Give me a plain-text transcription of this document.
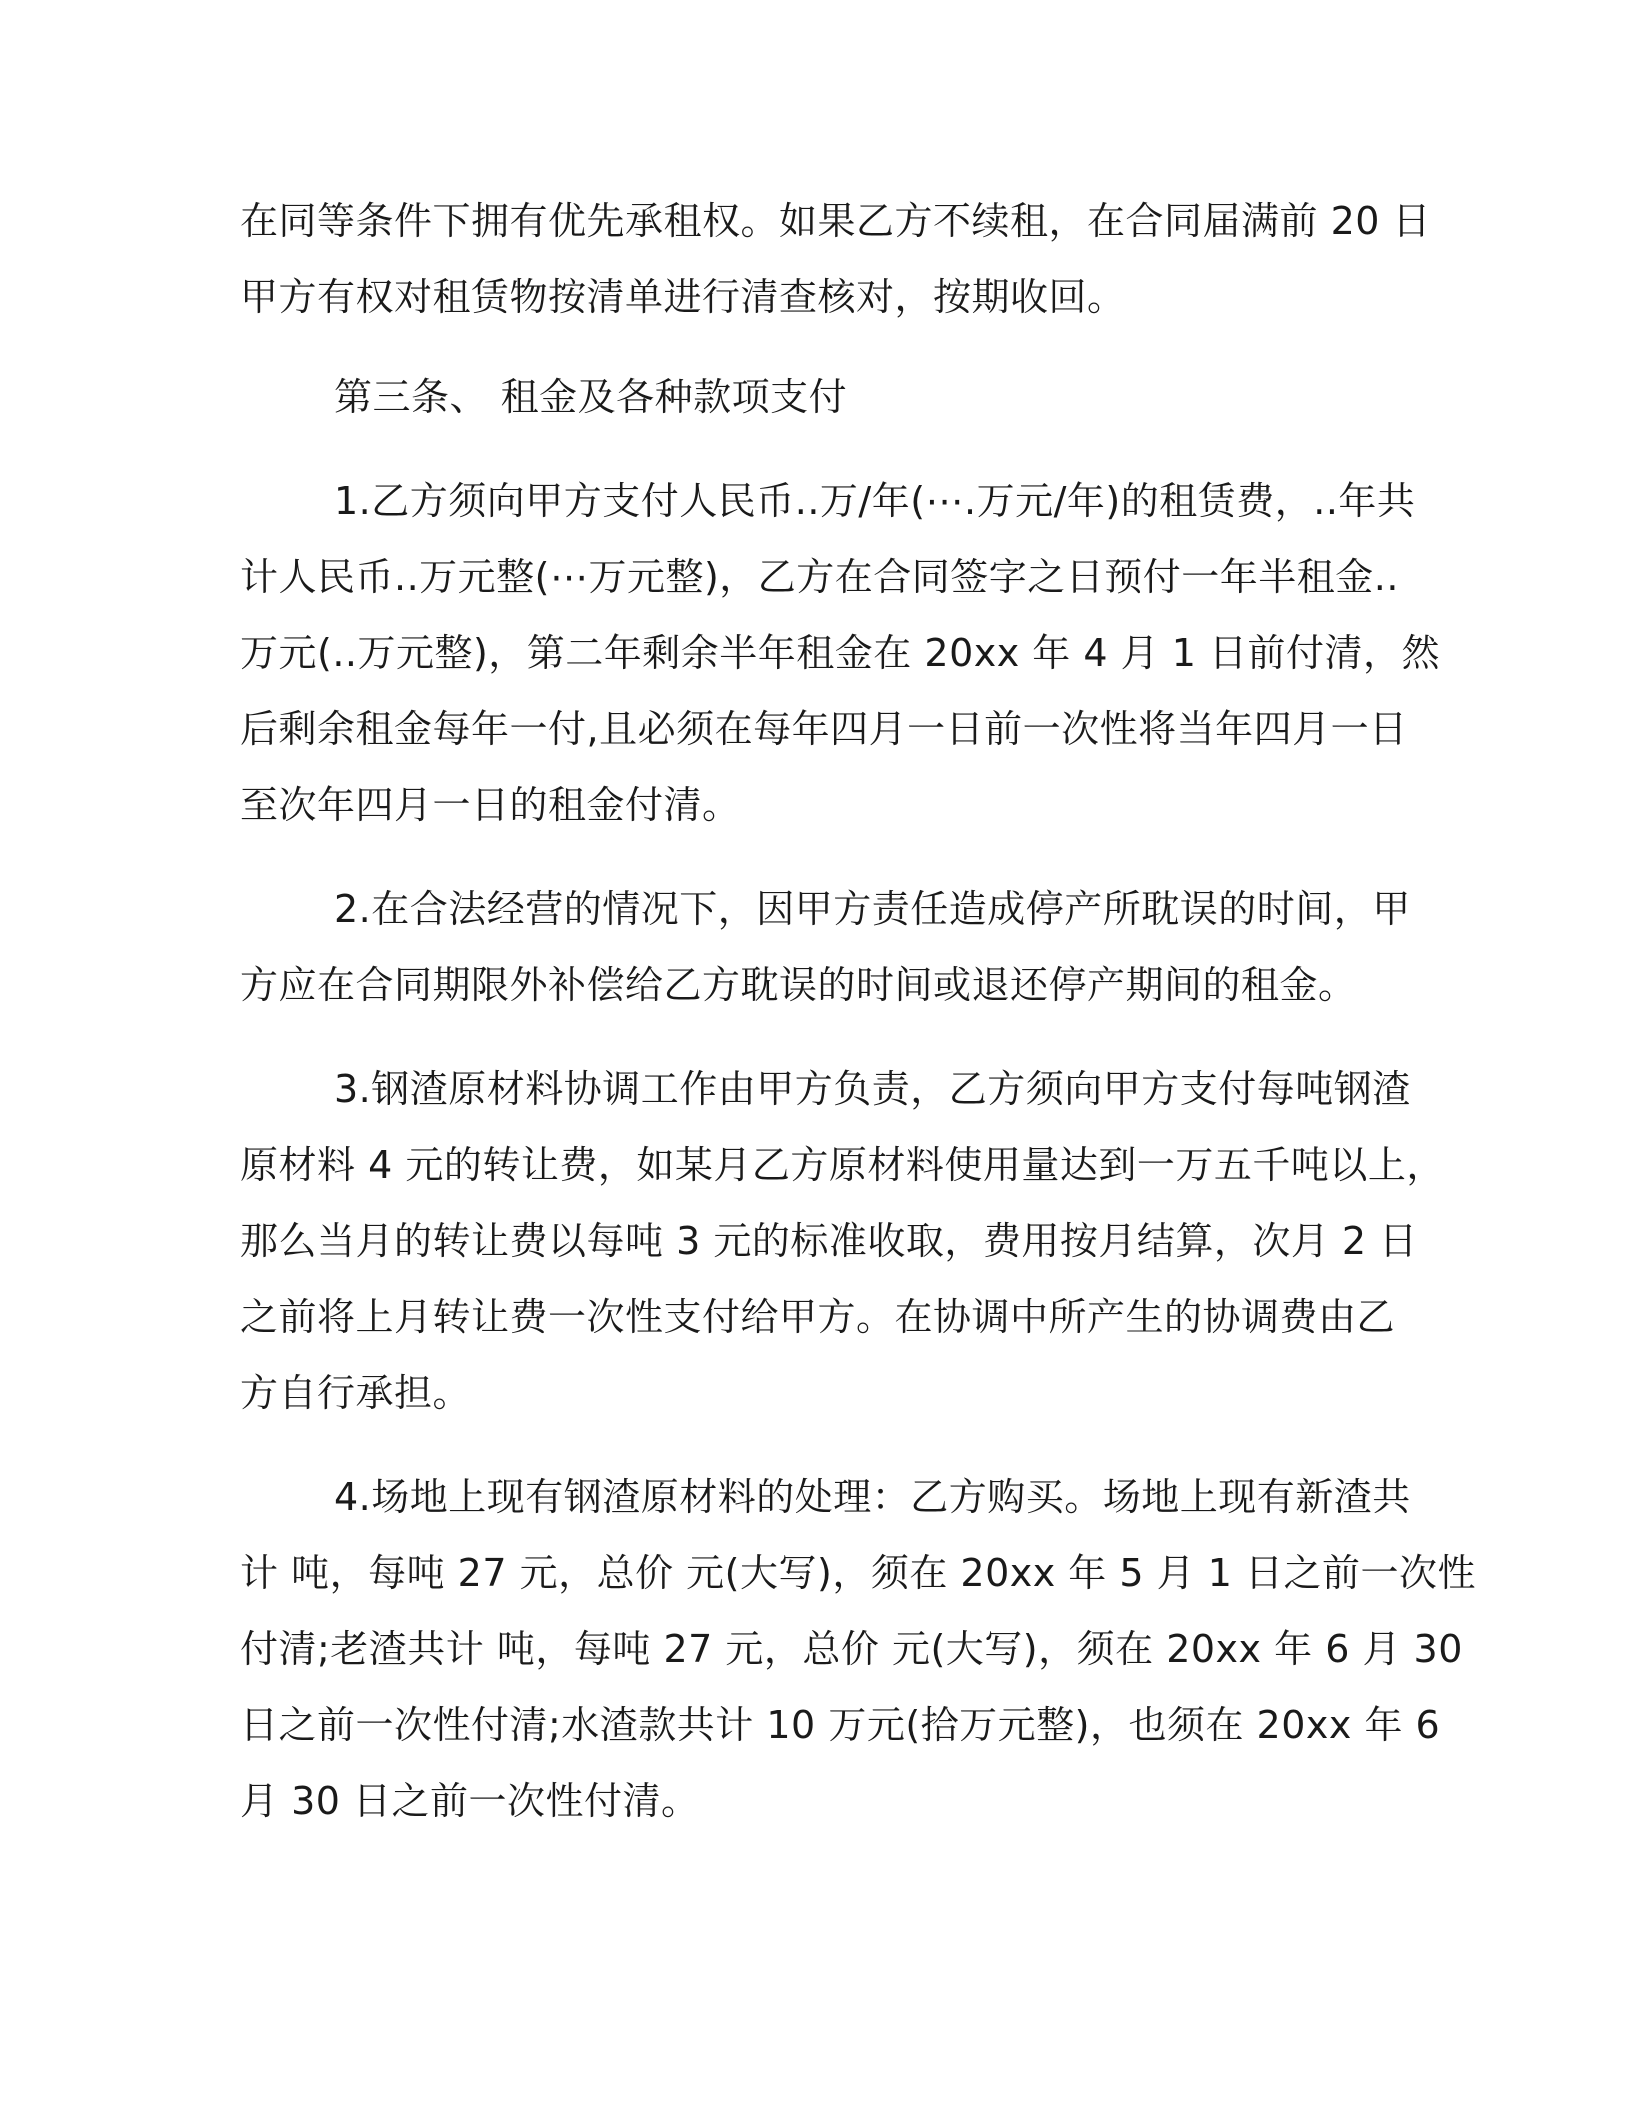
在同等条件下拥有优先承租权。如果乙方不续租，在合同届满前 20 日
甲方有权对租赁物按清单进行清查核对，按期收回。
第三条、 租金及各种款项支付
1.乙方须向甲方支付人民币..万/年(⋯.万元/年)的租赁费，..年共
计人民币..万元整(⋯万元整)，乙方在合同签字之日预付一年半租金..
万元(..万元整)，第二年剩余半年租金在 20xx 年 4 月 1 日前付清，然
后剩余租金每年一付,且必须在每年四月一日前一次性将当年四月一日
至次年四月一日的租金付清。
2.在合法经营的情况下，因甲方责任造成停产所耽误的时间，甲
方应在合同期限外补偿给乙方耽误的时间或退还停产期间的租金。
3.钢渣原材料协调工作由甲方负责，乙方须向甲方支付每吨钢渣
原材料 4 元的转让费，如某月乙方原材料使用量达到一万五千吨以上，
那么当月的转让费以每吨 3 元的标准收取，费用按月结算，次月 2 日
之前将上月转让费一次性支付给甲方。在协调中所产生的协调费由乙
方自行承担。
4.场地上现有钢渣原材料的处理：乙方购买。场地上现有新渣共
计 吨，每吨 27 元，总价 元(大写)，须在 20xx 年 5 月 1 日之前一次性
付清;老渣共计 吨，每吨 27 元，总价 元(大写)，须在 20xx 年 6 月 30
日之前一次性付清;水渣款共计 10 万元(拾万元整)，也须在 20xx 年 6
月 30 日之前一次性付清。
